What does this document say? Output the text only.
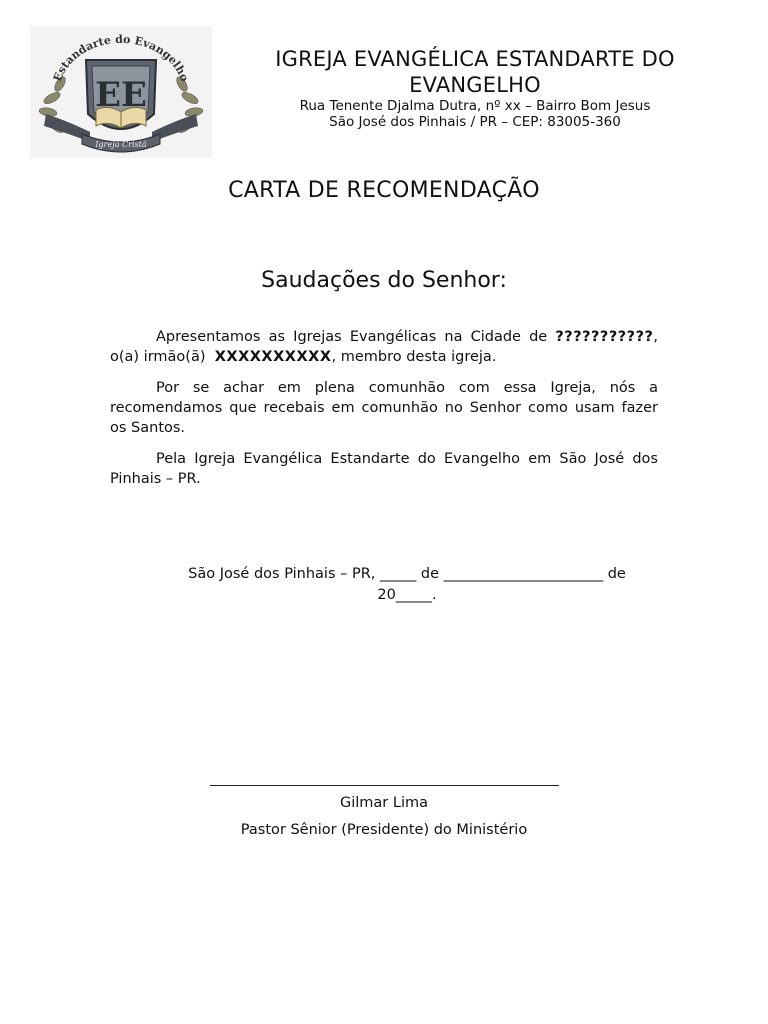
EE
Igreja Cristã
Estandarte do Evangelho
IGREJA EVANGÉLICA ESTANDARTE DO EVANGELHO
Rua Tenente Djalma Dutra, nº xx – Bairro Bom Jesus
São José dos Pinhais / PR – CEP: 83005-360
CARTA DE RECOMENDAÇÃO
Saudações do Senhor:

Apresentamos as Igrejas Evangélicas na Cidade de ???????????, o(a) irmão(ã) XXXXXXXXXX, membro desta igreja.

Por se achar em plena comunhão com essa Igreja, nós a recomendamos que recebais em comunhão no Senhor como usam fazer os Santos.

Pela Igreja Evangélica Estandarte do Evangelho em São José dos Pinhais – PR.

São José dos Pinhais – PR, _____ de ______________________ de
20_____.
Gilmar Lima
Pastor Sênior (Presidente) do Ministério
